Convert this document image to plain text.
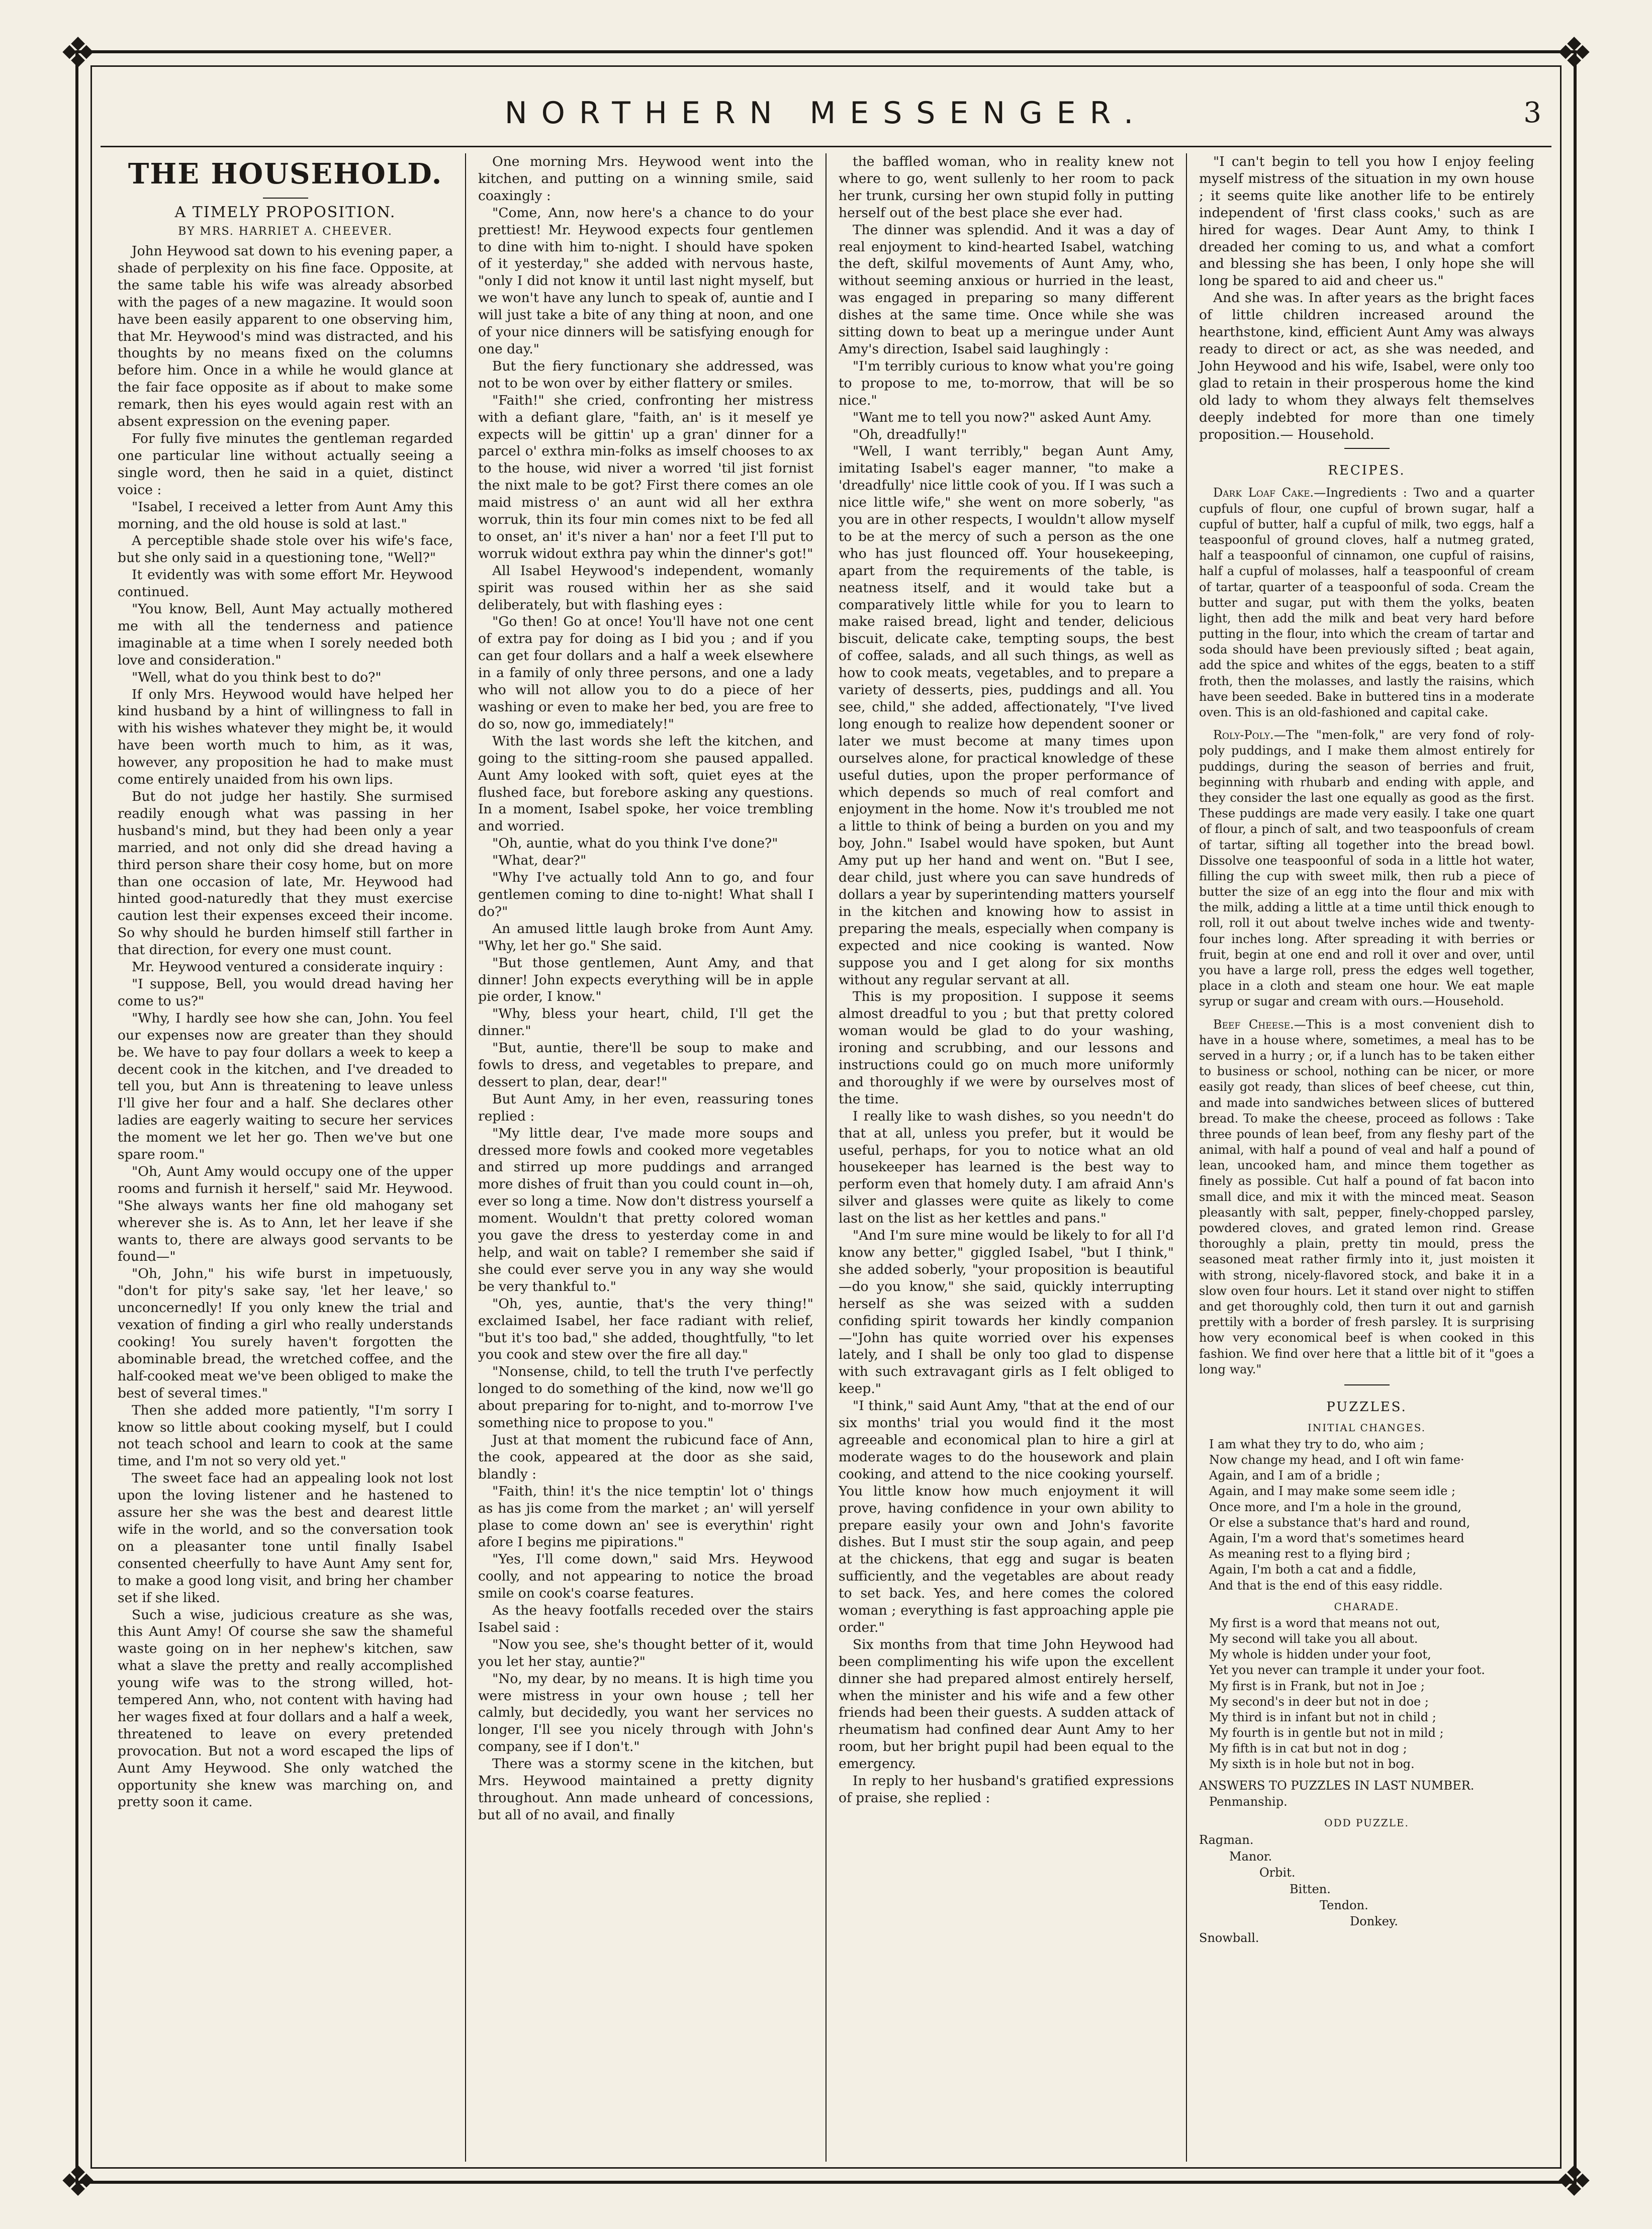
❖	❖
❖	❖
NORTHERN MESSENGER.	3
THE HOUSEHOLD.
A TIMELY PROPOSITION.
BY MRS. HARRIET A. CHEEVER.

John Heywood sat down to his evening paper, a shade of perplexity on his fine face. Opposite, at the same table his wife was already absorbed with the pages of a new magazine. It would soon have been easily apparent to one observing him, that Mr. Heywood's mind was distracted, and his thoughts by no means fixed on the columns before him. Once in a while he would glance at the fair face opposite as if about to make some remark, then his eyes would again rest with an absent expression on the evening paper.

For fully five minutes the gentleman regarded one particular line without actually seeing a single word, then he said in a quiet, distinct voice :

"Isabel, I received a letter from Aunt Amy this morning, and the old house is sold at last."

A perceptible shade stole over his wife's face, but she only said in a questioning tone, "Well?"

It evidently was with some effort Mr. Heywood continued.

"You know, Bell, Aunt May actually mothered me with all the tenderness and patience imaginable at a time when I sorely needed both love and consideration."

"Well, what do you think best to do?"

If only Mrs. Heywood would have helped her kind husband by a hint of willingness to fall in with his wishes whatever they might be, it would have been worth much to him, as it was, however, any proposition he had to make must come entirely unaided from his own lips.

But do not judge her hastily. She surmised readily enough what was passing in her husband's mind, but they had been only a year married, and not only did she dread having a third person share their cosy home, but on more than one occasion of late, Mr. Heywood had hinted good-naturedly that they must exercise caution lest their expenses exceed their income. So why should he burden himself still farther in that direction, for every one must count.

Mr. Heywood ventured a considerate inquiry :

"I suppose, Bell, you would dread having her come to us?"

"Why, I hardly see how she can, John. You feel our expenses now are greater than they should be. We have to pay four dollars a week to keep a decent cook in the kitchen, and I've dreaded to tell you, but Ann is threatening to leave unless I'll give her four and a half. She declares other ladies are eagerly waiting to secure her services the moment we let her go. Then we've but one spare room."

"Oh, Aunt Amy would occupy one of the upper rooms and furnish it herself," said Mr. Heywood. "She always wants her fine old mahogany set wherever she is. As to Ann, let her leave if she wants to, there are always good servants to be found—"

"Oh, John," his wife burst in impetuously, "don't for pity's sake say, 'let her leave,' so unconcernedly! If you only knew the trial and vexation of finding a girl who really understands cooking! You surely haven't forgotten the abominable bread, the wretched coffee, and the half-cooked meat we've been obliged to make the best of several times."

Then she added more patiently, "I'm sorry I know so little about cooking myself, but I could not teach school and learn to cook at the same time, and I'm not so very old yet."

The sweet face had an appealing look not lost upon the loving listener and he hastened to assure her she was the best and dearest little wife in the world, and so the conversation took on a pleasanter tone until finally Isabel consented cheerfully to have Aunt Amy sent for, to make a good long visit, and bring her chamber set if she liked.

Such a wise, judicious creature as she was, this Aunt Amy! Of course she saw the shameful waste going on in her nephew's kitchen, saw what a slave the pretty and really accomplished young wife was to the strong willed, hot-tempered Ann, who, not content with having had her wages fixed at four dollars and a half a week, threatened to leave on every pretended provocation. But not a word escaped the lips of Aunt Amy Heywood. She only watched the opportunity she knew was marching on, and pretty soon it came.

One morning Mrs. Heywood went into the kitchen, and putting on a winning smile, said coaxingly :

"Come, Ann, now here's a chance to do your prettiest! Mr. Heywood expects four gentlemen to dine with him to-night. I should have spoken of it yesterday," she added with nervous haste, "only I did not know it until last night myself, but we won't have any lunch to speak of, auntie and I will just take a bite of any thing at noon, and one of your nice dinners will be satisfying enough for one day."

But the fiery functionary she addressed, was not to be won over by either flattery or smiles.

"Faith!" she cried, confronting her mistress with a defiant glare, "faith, an' is it meself ye expects will be gittin' up a gran' dinner for a parcel o' exthra min-folks as imself chooses to ax to the house, wid niver a worred 'til jist fornist the nixt male to be got? First there comes an ole maid mistress o' an aunt wid all her exthra worruk, thin its four min comes nixt to be fed all to onset, an' it's niver a han' nor a feet I'll put to worruk widout exthra pay whin the dinner's got!"

All Isabel Heywood's independent, womanly spirit was roused within her as she said deliberately, but with flashing eyes :

"Go then! Go at once! You'll have not one cent of extra pay for doing as I bid you ; and if you can get four dollars and a half a week elsewhere in a family of only three persons, and one a lady who will not allow you to do a piece of her washing or even to make her bed, you are free to do so, now go, immediately!"

With the last words she left the kitchen, and going to the sitting-room she paused appalled. Aunt Amy looked with soft, quiet eyes at the flushed face, but forebore asking any questions. In a moment, Isabel spoke, her voice trembling and worried.

"Oh, auntie, what do you think I've done?"

"What, dear?"

"Why I've actually told Ann to go, and four gentlemen coming to dine to-night! What shall I do?"

An amused little laugh broke from Aunt Amy. "Why, let her go." She said.

"But those gentlemen, Aunt Amy, and that dinner! John expects everything will be in apple pie order, I know."

"Why, bless your heart, child, I'll get the dinner."

"But, auntie, there'll be soup to make and fowls to dress, and vegetables to prepare, and dessert to plan, dear, dear!"

But Aunt Amy, in her even, reassuring tones replied :

"My little dear, I've made more soups and dressed more fowls and cooked more vegetables and stirred up more puddings and arranged more dishes of fruit than you could count in—oh, ever so long a time. Now don't distress yourself a moment. Wouldn't that pretty colored woman you gave the dress to yesterday come in and help, and wait on table? I remember she said if she could ever serve you in any way she would be very thankful to."

"Oh, yes, auntie, that's the very thing!" exclaimed Isabel, her face radiant with relief, "but it's too bad," she added, thoughtfully, "to let you cook and stew over the fire all day."

"Nonsense, child, to tell the truth I've perfectly longed to do something of the kind, now we'll go about preparing for to-night, and to-morrow I've something nice to propose to you."

Just at that moment the rubicund face of Ann, the cook, appeared at the door as she said, blandly :

"Faith, thin! it's the nice temptin' lot o' things as has jis come from the market ; an' will yerself plase to come down an' see is everythin' right afore I begins me pipirations."

"Yes, I'll come down," said Mrs. Heywood coolly, and not appearing to notice the broad smile on cook's coarse features.

As the heavy footfalls receded over the stairs Isabel said :

"Now you see, she's thought better of it, would you let her stay, auntie?"

"No, my dear, by no means. It is high time you were mistress in your own house ; tell her calmly, but decidedly, you want her services no longer, I'll see you nicely through with John's company, see if I don't."

There was a stormy scene in the kitchen, but Mrs. Heywood maintained a pretty dignity throughout. Ann made unheard of concessions, but all of no avail, and finally

the baffled woman, who in reality knew not where to go, went sullenly to her room to pack her trunk, cursing her own stupid folly in putting herself out of the best place she ever had.

The dinner was splendid. And it was a day of real enjoyment to kind-hearted Isabel, watching the deft, skilful movements of Aunt Amy, who, without seeming anxious or hurried in the least, was engaged in preparing so many different dishes at the same time. Once while she was sitting down to beat up a meringue under Aunt Amy's direction, Isabel said laughingly :

"I'm terribly curious to know what you're going to propose to me, to-morrow, that will be so nice."

"Want me to tell you now?" asked Aunt Amy.

"Oh, dreadfully!"

"Well, I want terribly," began Aunt Amy, imitating Isabel's eager manner, "to make a 'dreadfully' nice little cook of you. If I was such a nice little wife," she went on more soberly, "as you are in other respects, I wouldn't allow myself to be at the mercy of such a person as the one who has just flounced off. Your housekeeping, apart from the requirements of the table, is neatness itself, and it would take but a comparatively little while for you to learn to make raised bread, light and tender, delicious biscuit, delicate cake, tempting soups, the best of coffee, salads, and all such things, as well as how to cook meats, vegetables, and to prepare a variety of desserts, pies, puddings and all. You see, child," she added, affectionately, "I've lived long enough to realize how dependent sooner or later we must become at many times upon ourselves alone, for practical knowledge of these useful duties, upon the proper performance of which depends so much of real comfort and enjoyment in the home. Now it's troubled me not a little to think of being a burden on you and my boy, John." Isabel would have spoken, but Aunt Amy put up her hand and went on. "But I see, dear child, just where you can save hundreds of dollars a year by superintending matters yourself in the kitchen and knowing how to assist in preparing the meals, especially when company is expected and nice cooking is wanted. Now suppose you and I get along for six months without any regular servant at all.

This is my proposition. I suppose it seems almost dreadful to you ; but that pretty colored woman would be glad to do your washing, ironing and scrubbing, and our lessons and instructions could go on much more uniformly and thoroughly if we were by ourselves most of the time.

I really like to wash dishes, so you needn't do that at all, unless you prefer, but it would be useful, perhaps, for you to notice what an old housekeeper has learned is the best way to perform even that homely duty. I am afraid Ann's silver and glasses were quite as likely to come last on the list as her kettles and pans."

"And I'm sure mine would be likely to for all I'd know any better," giggled Isabel, "but I think," she added soberly, "your proposition is beautiful—do you know," she said, quickly interrupting herself as she was seized with a sudden confiding spirit towards her kindly companion—"John has quite worried over his expenses lately, and I shall be only too glad to dispense with such extravagant girls as I felt obliged to keep."

"I think," said Aunt Amy, "that at the end of our six months' trial you would find it the most agreeable and economical plan to hire a girl at moderate wages to do the housework and plain cooking, and attend to the nice cooking yourself. You little know how much enjoyment it will prove, having confidence in your own ability to prepare easily your own and John's favorite dishes. But I must stir the soup again, and peep at the chickens, that egg and sugar is beaten sufficiently, and the vegetables are about ready to set back. Yes, and here comes the colored woman ; everything is fast approaching apple pie order."

Six months from that time John Heywood had been complimenting his wife upon the excellent dinner she had prepared almost entirely herself, when the minister and his wife and a few other friends had been their guests. A sudden attack of rheumatism had confined dear Aunt Amy to her room, but her bright pupil had been equal to the emergency.

In reply to her husband's gratified expressions of praise, she replied :

"I can't begin to tell you how I enjoy feeling myself mistress of the situation in my own house ; it seems quite like another life to be entirely independent of 'first class cooks,' such as are hired for wages. Dear Aunt Amy, to think I dreaded her coming to us, and what a comfort and blessing she has been, I only hope she will long be spared to aid and cheer us."

And she was. In after years as the bright faces of little children increased around the hearthstone, kind, efficient Aunt Amy was always ready to direct or act, as she was needed, and John Heywood and his wife, Isabel, were only too glad to retain in their prosperous home the kind old lady to whom they always felt themselves deeply indebted for more than one timely proposition.— Household.

RECIPES.

Dark Loaf Cake.—Ingredients : Two and a quarter cupfuls of flour, one cupful of brown sugar, half a cupful of butter, half a cupful of milk, two eggs, half a teaspoonful of ground cloves, half a nutmeg grated, half a teaspoonful of cinnamon, one cupful of raisins, half a cupful of molasses, half a teaspoonful of cream of tartar, quarter of a teaspoonful of soda. Cream the butter and sugar, put with them the yolks, beaten light, then add the milk and beat very hard before putting in the flour, into which the cream of tartar and soda should have been previously sifted ; beat again, add the spice and whites of the eggs, beaten to a stiff froth, then the molasses, and lastly the raisins, which have been seeded. Bake in buttered tins in a moderate oven. This is an old-fashioned and capital cake.

Roly-Poly.—The "men-folk," are very fond of roly-poly puddings, and I make them almost entirely for puddings, during the season of berries and fruit, beginning with rhubarb and ending with apple, and they consider the last one equally as good as the first. These puddings are made very easily. I take one quart of flour, a pinch of salt, and two teaspoonfuls of cream of tartar, sifting all together into the bread bowl. Dissolve one teaspoonful of soda in a little hot water, filling the cup with sweet milk, then rub a piece of butter the size of an egg into the flour and mix with the milk, adding a little at a time until thick enough to roll, roll it out about twelve inches wide and twenty-four inches long. After spreading it with berries or fruit, begin at one end and roll it over and over, until you have a large roll, press the edges well together, place in a cloth and steam one hour. We eat maple syrup or sugar and cream with ours.—Household.

Beef Cheese.—This is a most convenient dish to have in a house where, sometimes, a meal has to be served in a hurry ; or, if a lunch has to be taken either to business or school, nothing can be nicer, or more easily got ready, than slices of beef cheese, cut thin, and made into sandwiches between slices of buttered bread. To make the cheese, proceed as follows : Take three pounds of lean beef, from any fleshy part of the animal, with half a pound of veal and half a pound of lean, uncooked ham, and mince them together as finely as possible. Cut half a pound of fat bacon into small dice, and mix it with the minced meat. Season pleasantly with salt, pepper, finely-chopped parsley, powdered cloves, and grated lemon rind. Grease thoroughly a plain, pretty tin mould, press the seasoned meat rather firmly into it, just moisten it with strong, nicely-flavored stock, and bake it in a slow oven four hours. Let it stand over night to stiffen and get thoroughly cold, then turn it out and garnish prettily with a border of fresh parsley. It is surprising how very economical beef is when cooked in this fashion. We find over here that a little bit of it "goes a long way."

PUZZLES.
INITIAL CHANGES.
I am what they try to do, who aim ;
Now change my head, and I oft win fame·
Again, and I am of a bridle ;
Again, and I may make some seem idle ;
Once more, and I'm a hole in the ground,
Or else a substance that's hard and round,
Again, I'm a word that's sometimes heard
As meaning rest to a flying bird ;
Again, I'm both a cat and a fiddle,
And that is the end of this easy riddle.
CHARADE.
My first is a word that means not out,
My second will take you all about.
My whole is hidden under your foot,
Yet you never can trample it under your foot.
My first is in Frank, but not in Joe ;
My second's in deer but not in doe ;
My third is in infant but not in child ;
My fourth is in gentle but not in mild ;
My fifth is in cat but not in dog ;
My sixth is in hole but not in bog.
ANSWERS TO PUZZLES IN LAST NUMBER.
Penmanship.
ODD PUZZLE.
Ragman.
Manor.
Orbit.
Bitten.
Tendon.
Donkey.
Snowball.
